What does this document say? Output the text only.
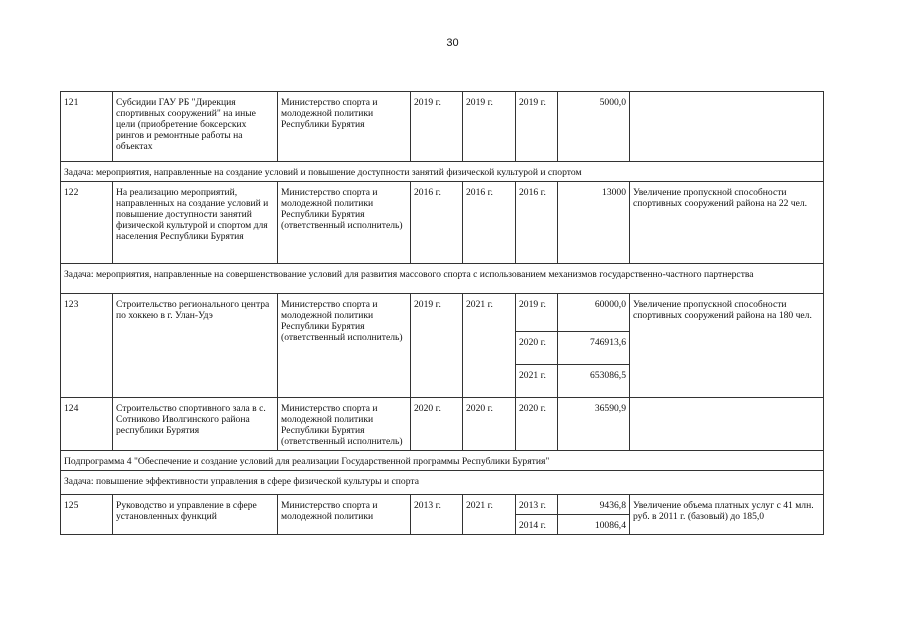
30
121	Субсидии ГАУ РБ "Дирекция спортивных сооружений" на иные цели (приобретение боксерских рингов и ремонтные работы на объектах	Министерство спорта и молодежной политики Республики Бурятия	2019 г.	2019 г.	2019 г.	5000,0	
Задача: мероприятия, направленные на создание условий и повышение доступности занятий физической культурой и спортом							
122	На реализацию мероприятий, направленных на создание условий и повышение доступности занятий физической культурой и спортом для населения Республики Бурятия	Министерство спорта и молодежной политики Республики Бурятия (ответственный исполнитель)	2016 г.	2016 г.	2016 г.	13000	Увеличение пропускной способности спортивных сооружений района на 22 чел.
Задача: мероприятия, направленные на совершенствование условий для развития массового спорта с использованием механизмов государственно-частного партнерства							
123	Строительство регионального центра по хоккею в г. Улан-Удэ	Министерство спорта и молодежной политики Республики Бурятия (ответственный исполнитель)	2019 г.	2021 г.	2019 г.	60000,0	Увеличение пропускной способности спортивных сооружений района на 180 чел.
					2020 г.	746913,6	
					2021 г.	653086,5	
124	Строительство спортивного зала в с. Сотниково Иволгинского района республики Бурятия	Министерство спорта и молодежной политики Республики Бурятия (ответственный исполнитель)	2020 г.	2020 г.	2020 г.	36590,9	
Подпрограмма 4 "Обеспечение и создание условий для реализации Государственной программы Республики Бурятия"							
Задача: повышение эффективности управления в сфере физической культуры и спорта							
125	Руководство и управление в сфере установленных функций	Министерство спорта и молодежной политики	2013 г.	2021 г.	2013 г.	9436,8	Увеличение объема платных услуг с 41 млн. руб. в 2011 г. (базовый) до 185,0
					2014 г.	10086,4	
